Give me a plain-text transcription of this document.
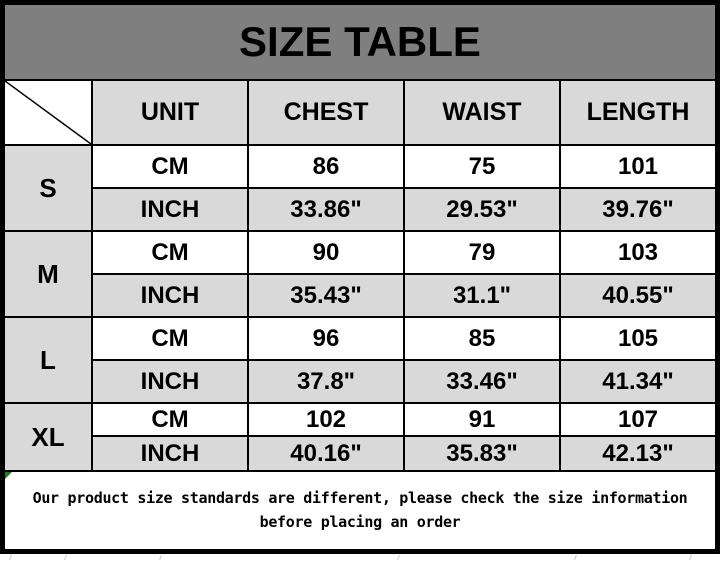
SIZE TABLE
UNIT	CHEST	WAIST	LENGTH
S
CM	86	75	101
INCH	33.86"	29.53"	39.76"
M
CM	90	79	103
INCH	35.43"	31.1"	40.55"
L
CM	96	85	105
INCH	37.8"	33.46"	41.34"
XL
CM	102	91	107
INCH	40.16"	35.83"	42.13"
Our product size standards are different, please check the size information
before placing an order
